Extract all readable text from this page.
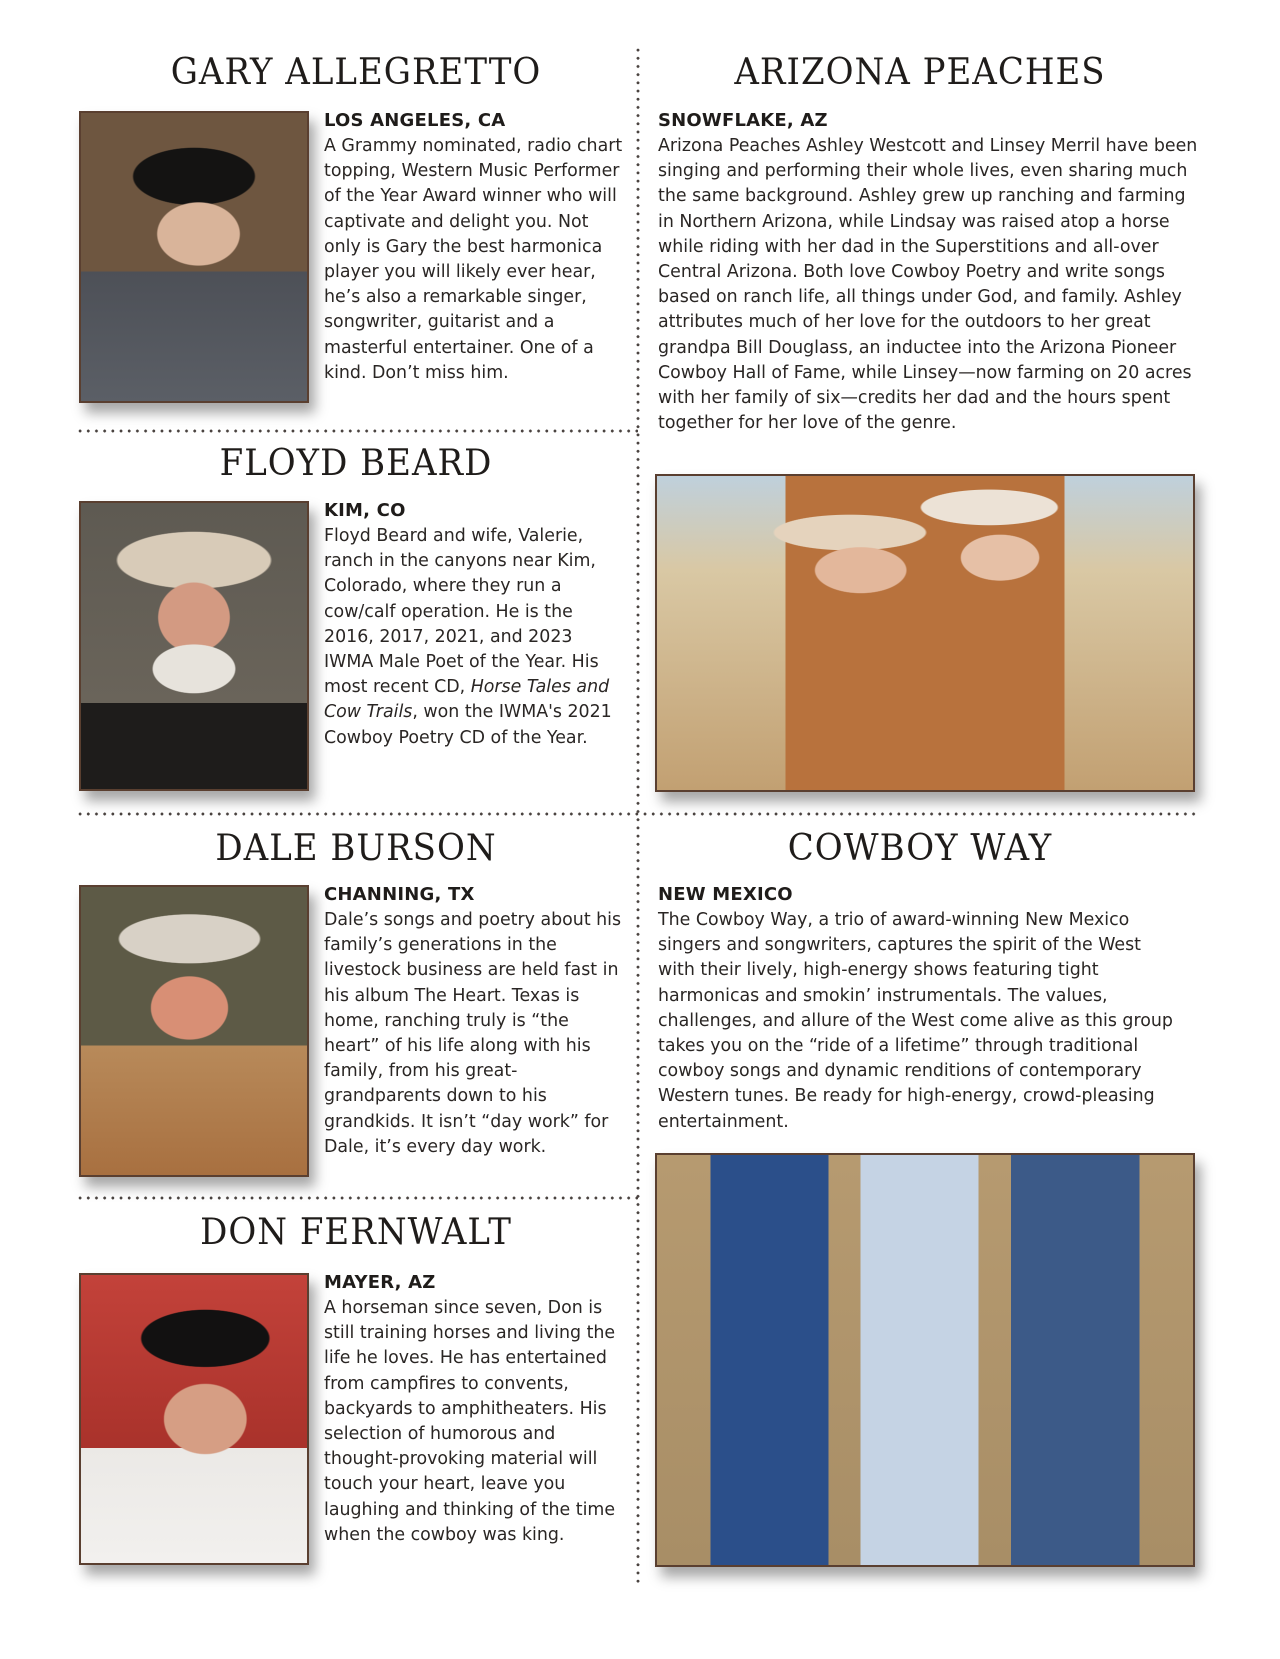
GARY ALLEGRETTO
LOS ANGELES, CA

A Grammy nominated, radio chart topping, Western Music Performer of the Year Award winner who will captivate and delight you. Not only is Gary the best harmonica player you will likely ever hear, he’s also a remarkable singer, songwriter, guitarist and a masterful entertainer. One of a kind. Don’t miss him.

FLOYD BEARD
KIM, CO

Floyd Beard and wife, Valerie, ranch in the canyons near Kim, Colorado, where they run a cow/calf operation. He is the 2016, 2017, 2021, and 2023 IWMA Male Poet of the Year. His most recent CD, Horse Tales and Cow Trails, won the IWMA's 2021 Cowboy Poetry CD of the Year.

DALE BURSON
CHANNING, TX

Dale’s songs and poetry about his family’s generations in the livestock business are held fast in his album The Heart. Texas is home, ranching truly is “the heart” of his life along with his family, from his great-grandparents down to his grandkids. It isn’t “day work” for Dale, it’s every day work.

DON FERNWALT
MAYER, AZ

A horseman since seven, Don is still training horses and living the life he loves. He has entertained from campfires to convents, backyards to amphitheaters. His selection of humorous and thought-provoking material will touch your heart, leave you laughing and thinking of the time when the cowboy was king.

ARIZONA PEACHES
SNOWFLAKE, AZ

Arizona Peaches Ashley Westcott and Linsey Merril have been singing and performing their whole lives, even sharing much the same background. Ashley grew up ranching and farming in Northern Arizona, while Lindsay was raised atop a horse while riding with her dad in the Superstitions and all-over Central Arizona. Both love Cowboy Poetry and write songs based on ranch life, all things under God, and family. Ashley attributes much of her love for the outdoors to her great grandpa Bill Douglass, an inductee into the Arizona Pioneer Cowboy Hall of Fame, while Linsey—now farming on 20 acres with her family of six—credits her dad and the hours spent together for her love of the genre.

COWBOY WAY
NEW MEXICO

The Cowboy Way, a trio of award-winning New Mexico singers and songwriters, captures the spirit of the West with their lively, high-energy shows featuring tight harmonicas and smokin’ instrumentals. The values, challenges, and allure of the West come alive as this group takes you on the “ride of a lifetime” through traditional cowboy songs and dynamic renditions of contemporary Western tunes. Be ready for high-energy, crowd-pleasing entertainment.
